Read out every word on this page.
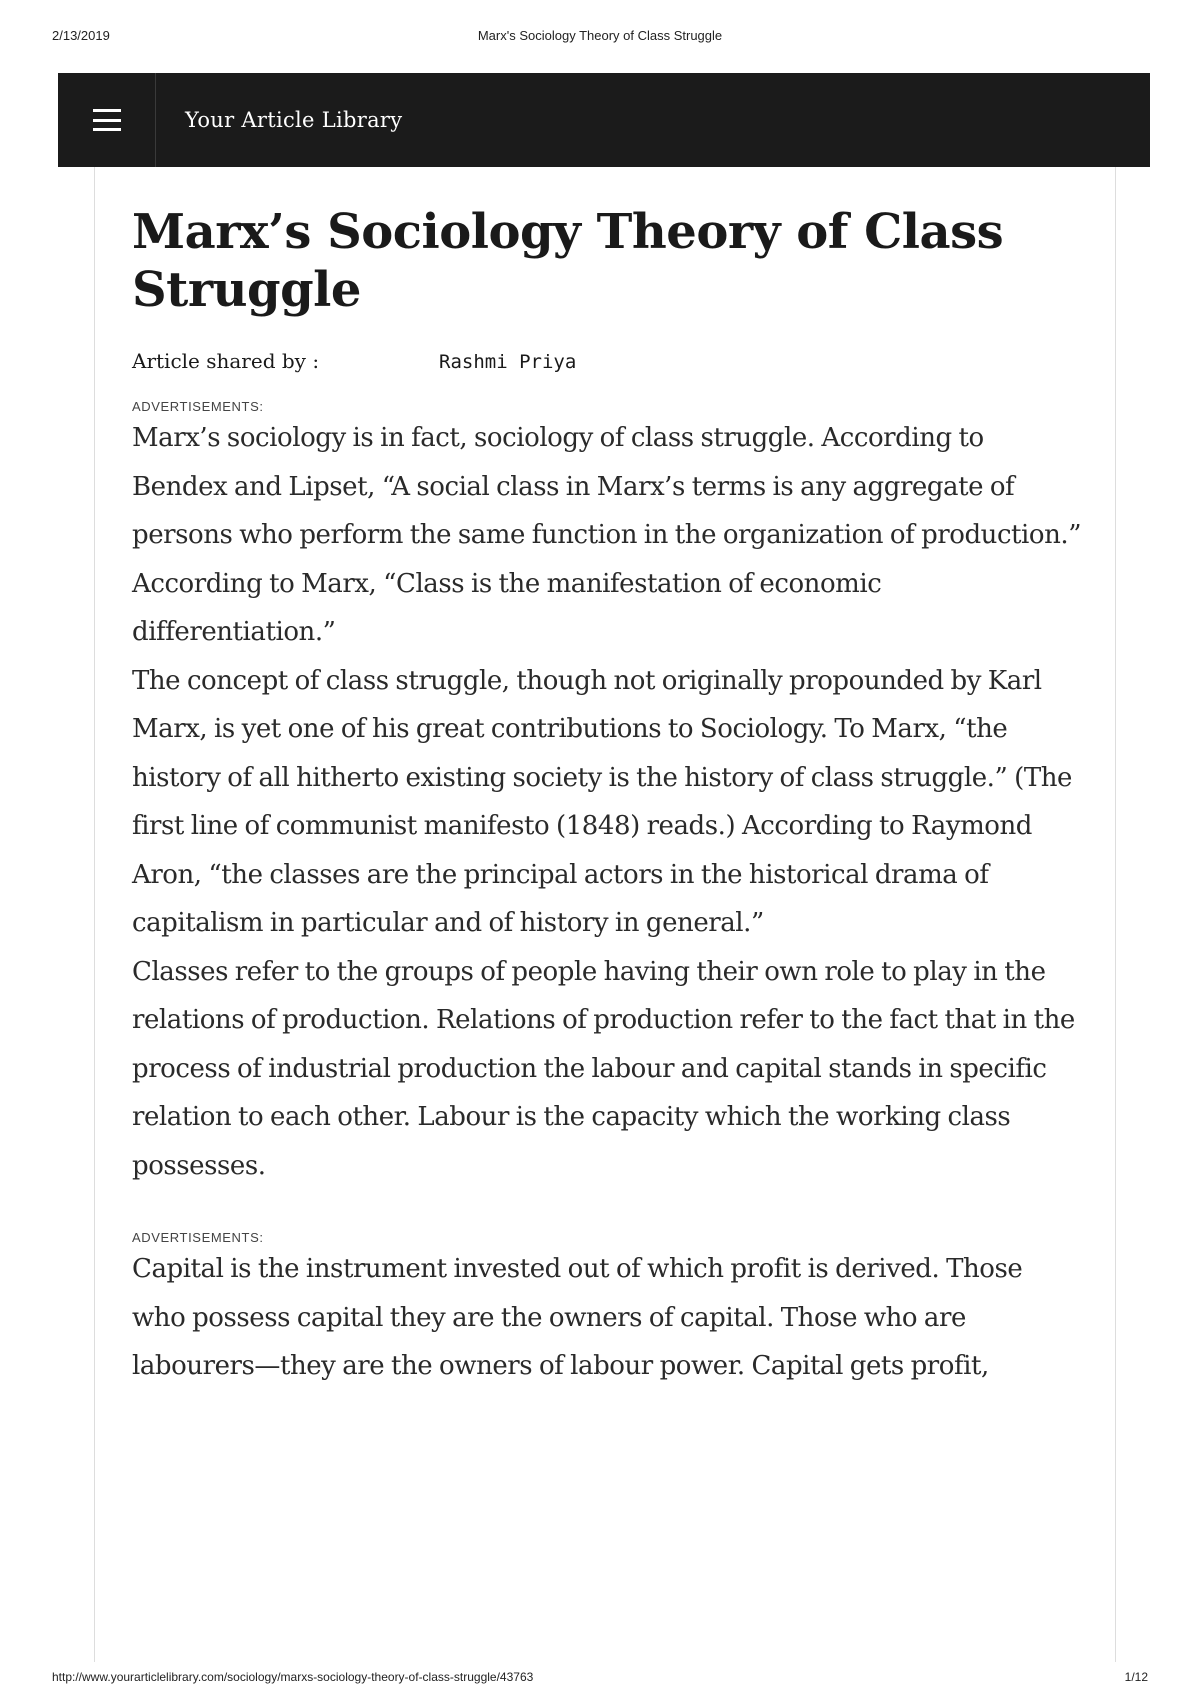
2/13/2019	Marx's Sociology Theory of Class Struggle
Your Article Library
Marx’s Sociology Theory of Class Struggle
Article shared by :	Rashmi Priya
ADVERTISEMENTS:

Marx’s sociology is in fact, sociology of class struggle. According to Bendex and Lipset, “A social class in Marx’s terms is any aggregate of persons who perform the same function in the organization of production.” According to Marx, “Class is the manifestation of economic differentiation.”

The concept of class struggle, though not originally propounded by Karl Marx, is yet one of his great contributions to Sociology. To Marx, “the history of all hitherto existing society is the history of class struggle.” (The first line of communist manifesto (1848) reads.) According to Raymond Aron, “the classes are the principal actors in the historical drama of capitalism in particular and of history in general.”

Classes refer to the groups of people having their own role to play in the relations of production. Relations of production refer to the fact that in the process of industrial production the labour and capital stands in specific relation to each other. Labour is the capacity which the working class possesses.

ADVERTISEMENTS:

Capital is the instrument invested out of which profit is derived. Those who possess capital they are the owners of capital. Those who are labourers—they are the owners of labour power. Capital gets profit,

http://www.yourarticlelibrary.com/sociology/marxs-sociology-theory-of-class-struggle/43763	1/12
